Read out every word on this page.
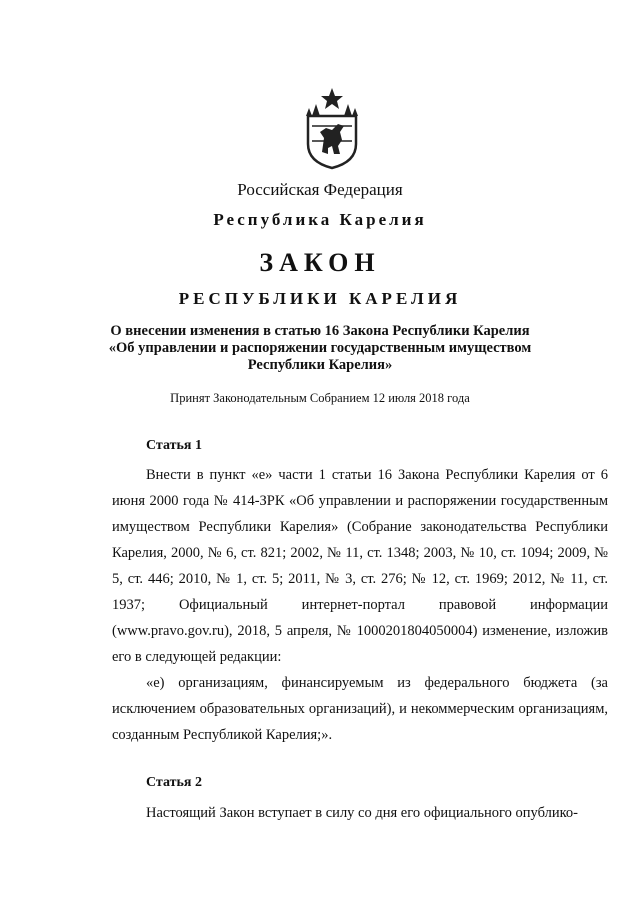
Российская Федерация
Республика Карелия
ЗАКОН
РЕСПУБЛИКИ КАРЕЛИЯ
О внесении изменения в статью 16 Закона Республики Карелия
«Об управлении и распоряжении государственным имуществом
Республики Карелия»
Принят Законодательным Собранием 12 июля 2018 года
Статья 1

Внести в пункт «е» части 1 статьи 16 Закона Республики Карелия от 6 июня 2000 года № 414-ЗРК «Об управлении и распоряжении государственным имуществом Республики Карелия» (Собрание законодательства Республики Карелия, 2000, № 6, ст. 821; 2002, № 11, ст. 1348; 2003, № 10, ст. 1094; 2009, № 5, ст. 446; 2010, № 1, ст. 5; 2011, № 3, ст. 276; № 12, ст. 1969; 2012, № 11, ст. 1937; Официальный интернет-портал правовой информации (www.pravo.gov.ru), 2018, 5 апреля, № 1000201804050004) изменение, изложив его в следующей редакции:

«е) организациям, финансируемым из федерального бюджета (за исключением образовательных организаций), и некоммерческим организациям, созданным Республикой Карелия;».

Статья 2

Настоящий Закон вступает в силу со дня его официального опублико-
